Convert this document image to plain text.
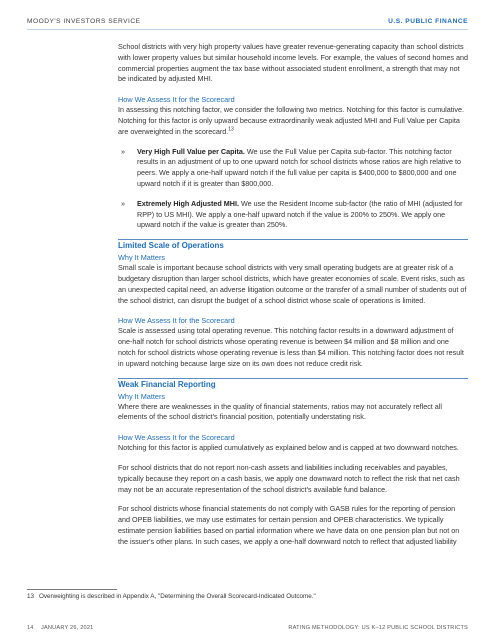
MOODY'S INVESTORS SERVICE	U.S. PUBLIC FINANCE

School districts with very high property values have greater revenue-generating capacity than school districts with lower property values but similar household income levels. For example, the values of second homes and commercial properties augment the tax base without associated student enrollment, a strength that may not be indicated by adjusted MHI.

How We Assess It for the Scorecard

In assessing this notching factor, we consider the following two metrics. Notching for this factor is cumulative. Notching for this factor is only upward because extraordinarily weak adjusted MHI and Full Value per Capita are overweighted in the scorecard.$^{13}$

» Very High Full Value per Capita. We use the Full Value per Capita sub-factor. This notching factor results in an adjustment of up to one upward notch for school districts whose ratios are high relative to peers. We apply a one-half upward notch if the full value per capita is $400,000 to $800,000 and one upward notch if it is greater than $800,000.
» Extremely High Adjusted MHI. We use the Resident Income sub-factor (the ratio of MHI (adjusted for RPP) to US MHI). We apply a one-half upward notch if the value is 200% to 250%. We apply one upward notch if the value is greater than 250%.

Limited Scale of Operations

Why It Matters

Small scale is important because school districts with very small operating budgets are at greater risk of a budgetary disruption than larger school districts, which have greater economies of scale. Event risks, such as an unexpected capital need, an adverse litigation outcome or the transfer of a small number of students out of the school district, can disrupt the budget of a school district whose scale of operations is limited.

How We Assess It for the Scorecard

Scale is assessed using total operating revenue. This notching factor results in a downward adjustment of one-half notch for school districts whose operating revenue is between $4 million and $8 million and one notch for school districts whose operating revenue is less than $4 million. This notching factor does not result in upward notching because large size on its own does not reduce credit risk.

Weak Financial Reporting

Why It Matters

Where there are weaknesses in the quality of financial statements, ratios may not accurately reflect all elements of the school district's financial position, potentially understating risk.

How We Assess It for the Scorecard

Notching for this factor is applied cumulatively as explained below and is capped at two downward notches.

For school districts that do not report non-cash assets and liabilities including receivables and payables, typically because they report on a cash basis, we apply one downward notch to reflect the risk that net cash may not be an accurate representation of the school district's available fund balance.

For school districts whose financial statements do not comply with GASB rules for the reporting of pension and OPEB liabilities, we may use estimates for certain pension and OPEB characteristics. We typically estimate pension liabilities based on partial information where we have data on one pension plan but not on the issuer's other plans. In such cases, we apply a one-half downward notch to reflect that adjusted liability

13 Overweighting is described in Appendix A, "Determining the Overall Scorecard-Indicated Outcome."
14 JANUARY 26, 2021	RATING METHODOLOGY: US K–12 PUBLIC SCHOOL DISTRICTS
